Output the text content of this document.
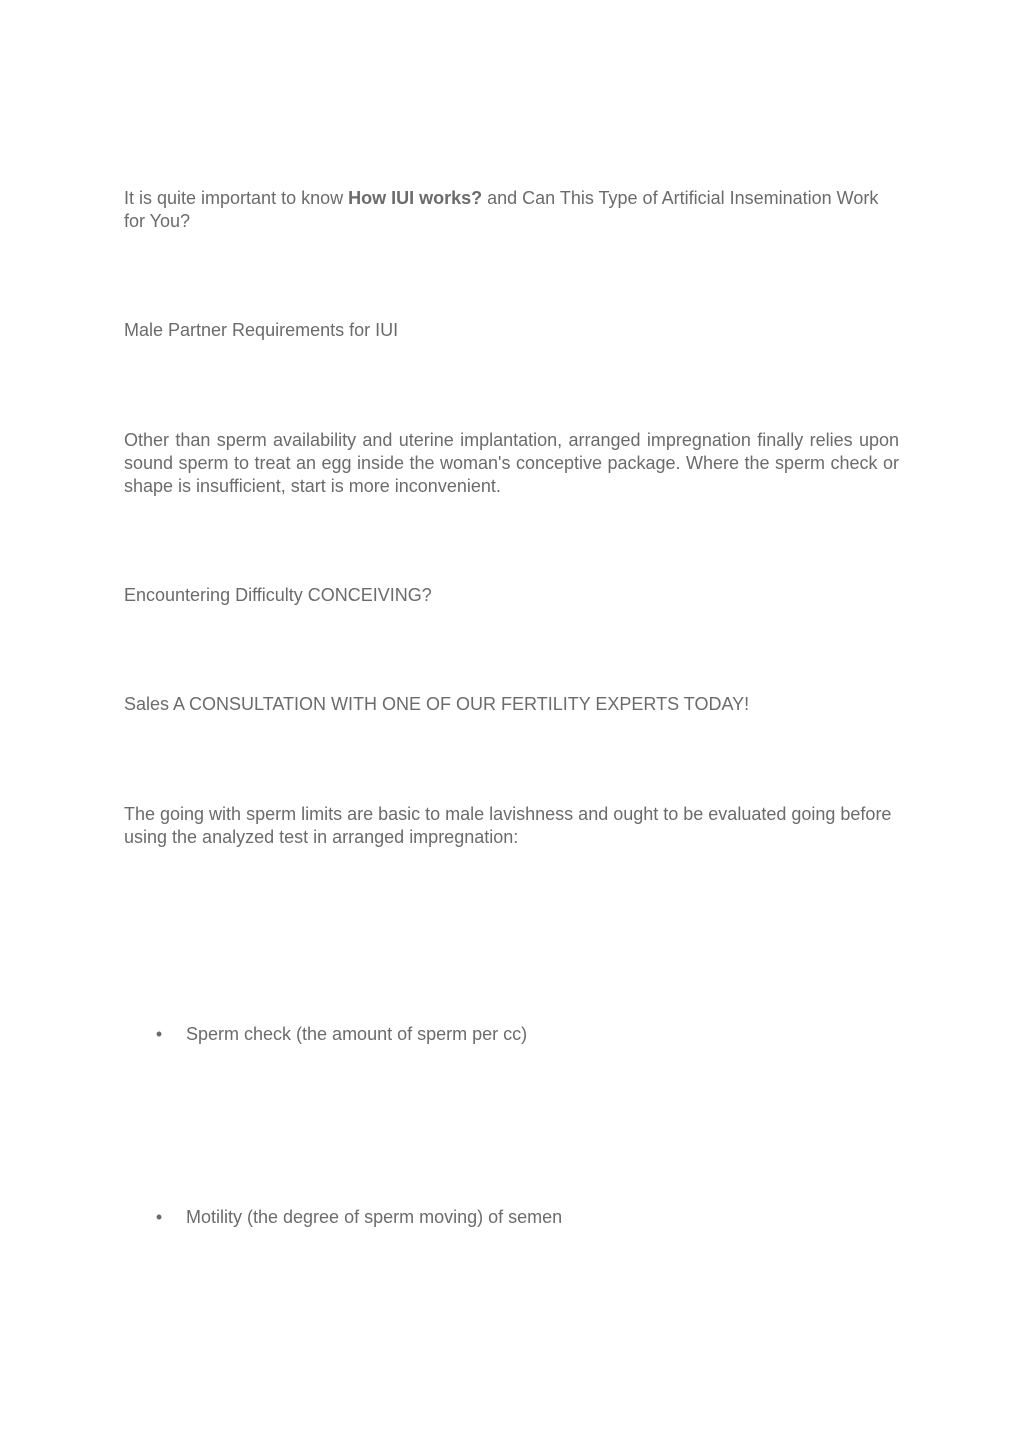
It is quite important to know How IUI works? and Can This Type of Artificial Insemination Work for You?

Male Partner Requirements for IUI

Other than sperm availability and uterine implantation, arranged impregnation finally relies upon sound sperm to treat an egg inside the woman's conceptive package. Where the sperm check or shape is insufficient, start is more inconvenient.

Encountering Difficulty CONCEIVING?

Sales A CONSULTATION WITH ONE OF OUR FERTILITY EXPERTS TODAY!

The going with sperm limits are basic to male lavishness and ought to be evaluated going before using the analyzed test in arranged impregnation:

• Sperm check (the amount of sperm per cc)
• Motility (the degree of sperm moving) of semen
